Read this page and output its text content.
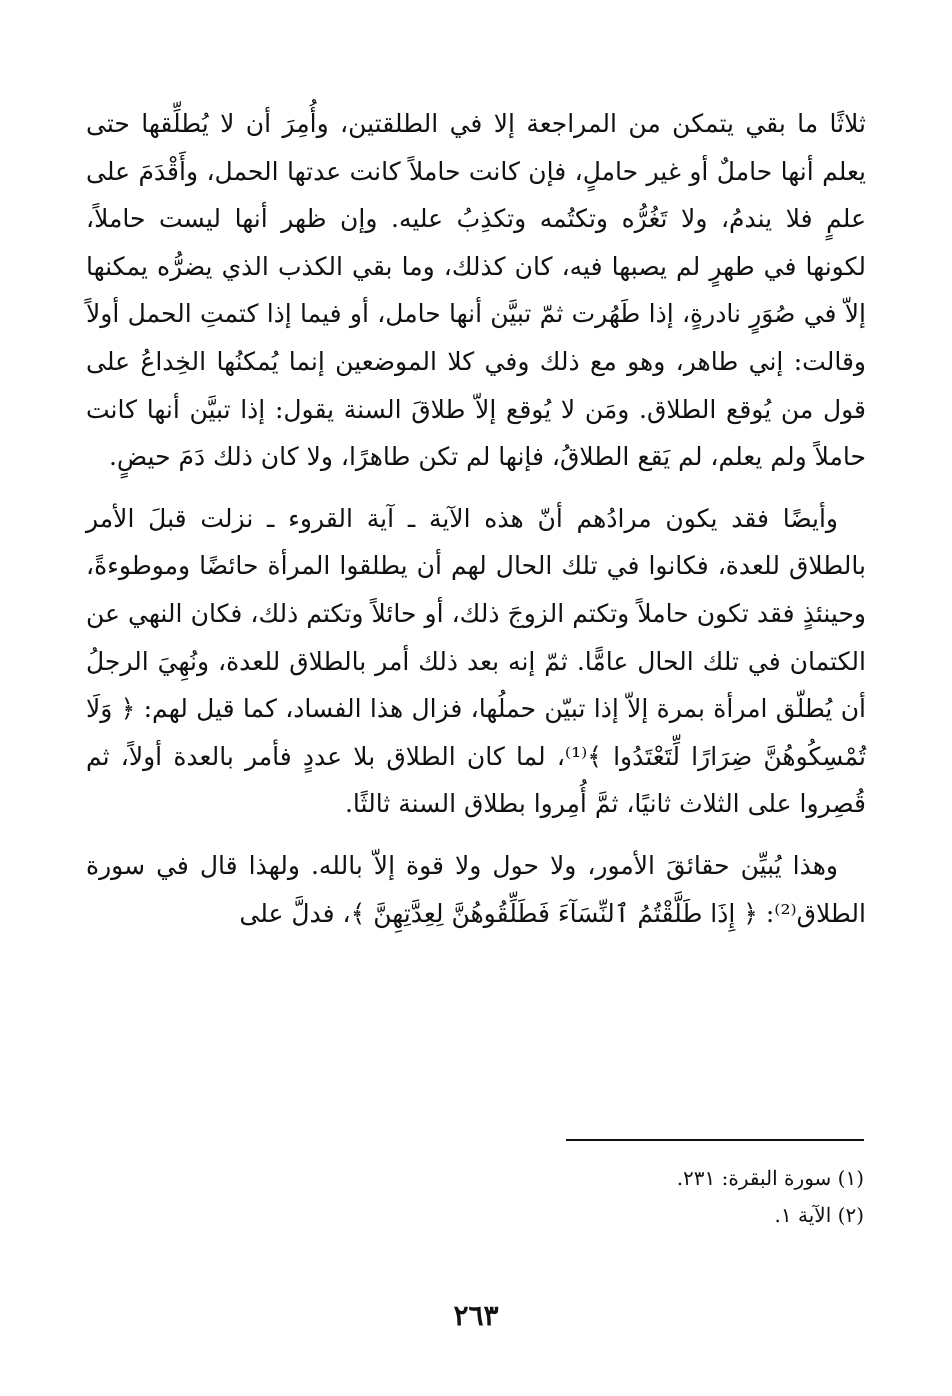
ثلاثًا ما بقي يتمكن من المراجعة إلا في الطلقتين، وأُمِرَ أن لا يُطلِّقها حتى يعلم أنها حاملٌ أو غير حاملٍ، فإن كانت حاملاً كانت عدتها الحمل، وأَقْدَمَ على علمٍ فلا يندمُ، ولا تَغُرُّه وتكتُمه وتكذِبُ عليه. وإن ظهر أنها ليست حاملاً، لكونها في طهرٍ لم يصبها فيه، كان كذلك، وما بقي الكذب الذي يضرُّه يمكنها إلاّ في صُوَرٍ نادرةٍ، إذا طَهُرت ثمّ تبيَّن أنها حامل، أو فيما إذا كتمتِ الحمل أولاً وقالت: إني طاهر، وهو مع ذلك وفي كلا الموضعين إنما يُمكنُها الخِداعُ على قول من يُوقع الطلاق. ومَن لا يُوقع إلاّ طلاقَ السنة يقول: إذا تبيَّن أنها كانت حاملاً ولم يعلم، لم يَقع الطلاقُ، فإنها لم تكن طاهرًا، ولا كان ذلك دَمَ حيضٍ.

وأيضًا فقد يكون مرادُهم أنّ هذه الآية ـ آية القروء ـ نزلت قبلَ الأمر بالطلاق للعدة، فكانوا في تلك الحال لهم أن يطلقوا المرأة حائضًا وموطوءةً، وحينئذٍ فقد تكون حاملاً وتكتم الزوجَ ذلك، أو حائلاً وتكتم ذلك، فكان النهي عن الكتمان في تلك الحال عامًّا. ثمّ إنه بعد ذلك أمر بالطلاق للعدة، ونُهِيَ الرجلُ أن يُطلّق امرأة بمرة إلاّ إذا تبيّن حملُها، فزال هذا الفساد، كما قيل لهم: ﴿ وَلَا تُمْسِكُوهُنَّ ضِرَارًا لِّتَعْتَدُوا ﴾⁽¹⁾، لما كان الطلاق بلا عددٍ فأمر بالعدة أولاً، ثم قُصِروا على الثلاث ثانيًا، ثمَّ أُمِروا بطلاق السنة ثالثًا.

وهذا يُبيِّن حقائقَ الأمور، ولا حول ولا قوة إلاّ بالله. ولهذا قال في سورة الطلاق⁽²⁾: ﴿ إِذَا طَلَّقْتُمُ ٱلنِّسَآءَ فَطَلِّقُوهُنَّ لِعِدَّتِهِنَّ ﴾، فدلَّ على

(١) سورة البقرة: ٢٣١.

(٢) الآية ١.

٢٦٣
